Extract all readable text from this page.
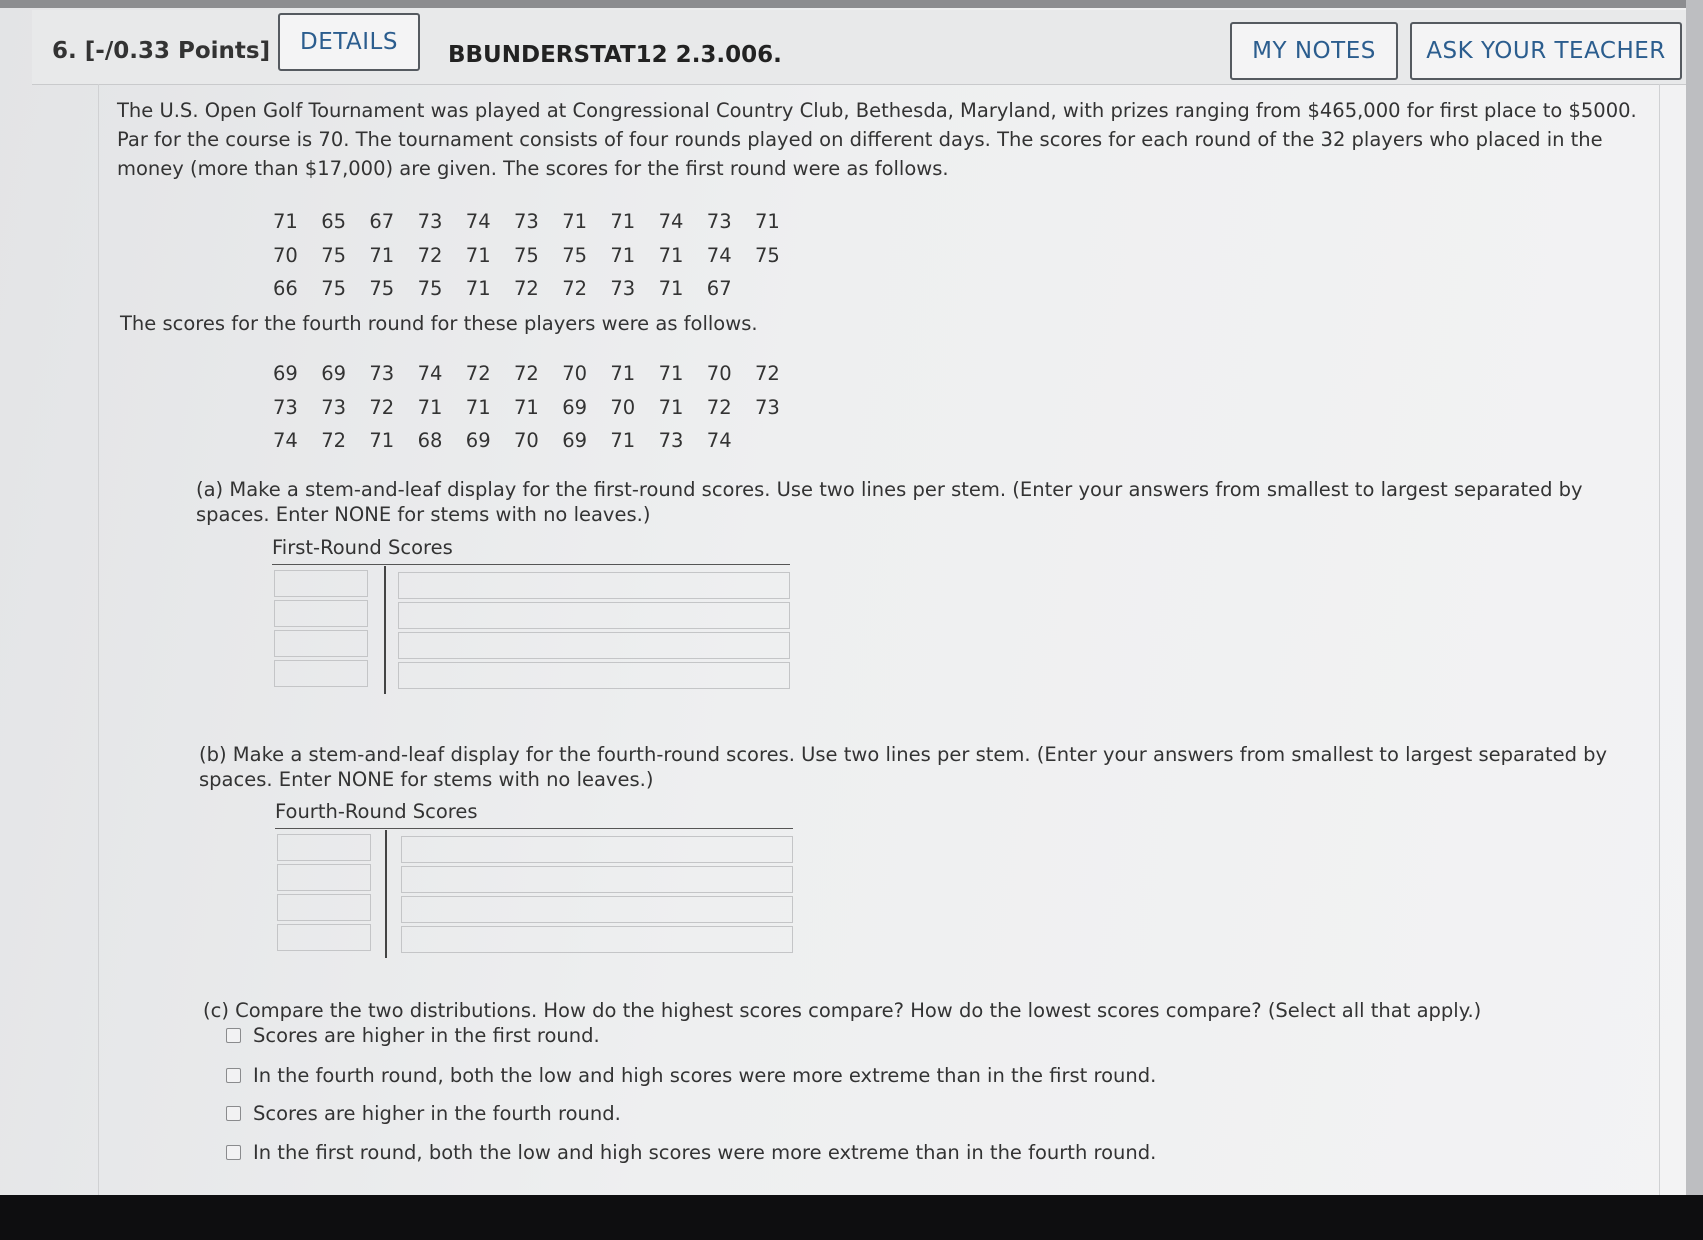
6. [-/0.33 Points]	DETAILS	BBUNDERSTAT12 2.3.006.	MY NOTES	ASK YOUR TEACHER
The U.S. Open Golf Tournament was played at Congressional Country Club, Bethesda, Maryland, with prizes ranging from $465,000 for first place to $5000. Par for the course is 70. The tournament consists of four rounds played on different days. The scores for each round of the 32 players who placed in the money (more than $17,000) are given. The scores for the first round were as follows.
71	65	67	73	74	73	71	71	74	73	71
70	75	71	72	71	75	75	71	71	74	75
66	75	75	75	71	72	72	73	71	67
The scores for the fourth round for these players were as follows.
69	69	73	74	72	72	70	71	71	70	72
73	73	72	71	71	71	69	70	71	72	73
74	72	71	68	69	70	69	71	73	74
(a) Make a stem-and-leaf display for the first-round scores. Use two lines per stem. (Enter your answers from smallest to largest separated by spaces. Enter NONE for stems with no leaves.)
First-Round Scores
(b) Make a stem-and-leaf display for the fourth-round scores. Use two lines per stem. (Enter your answers from smallest to largest separated by spaces. Enter NONE for stems with no leaves.)
Fourth-Round Scores
(c) Compare the two distributions. How do the highest scores compare? How do the lowest scores compare? (Select all that apply.)
Scores are higher in the first round.
In the fourth round, both the low and high scores were more extreme than in the first round.
Scores are higher in the fourth round.
In the first round, both the low and high scores were more extreme than in the fourth round.
